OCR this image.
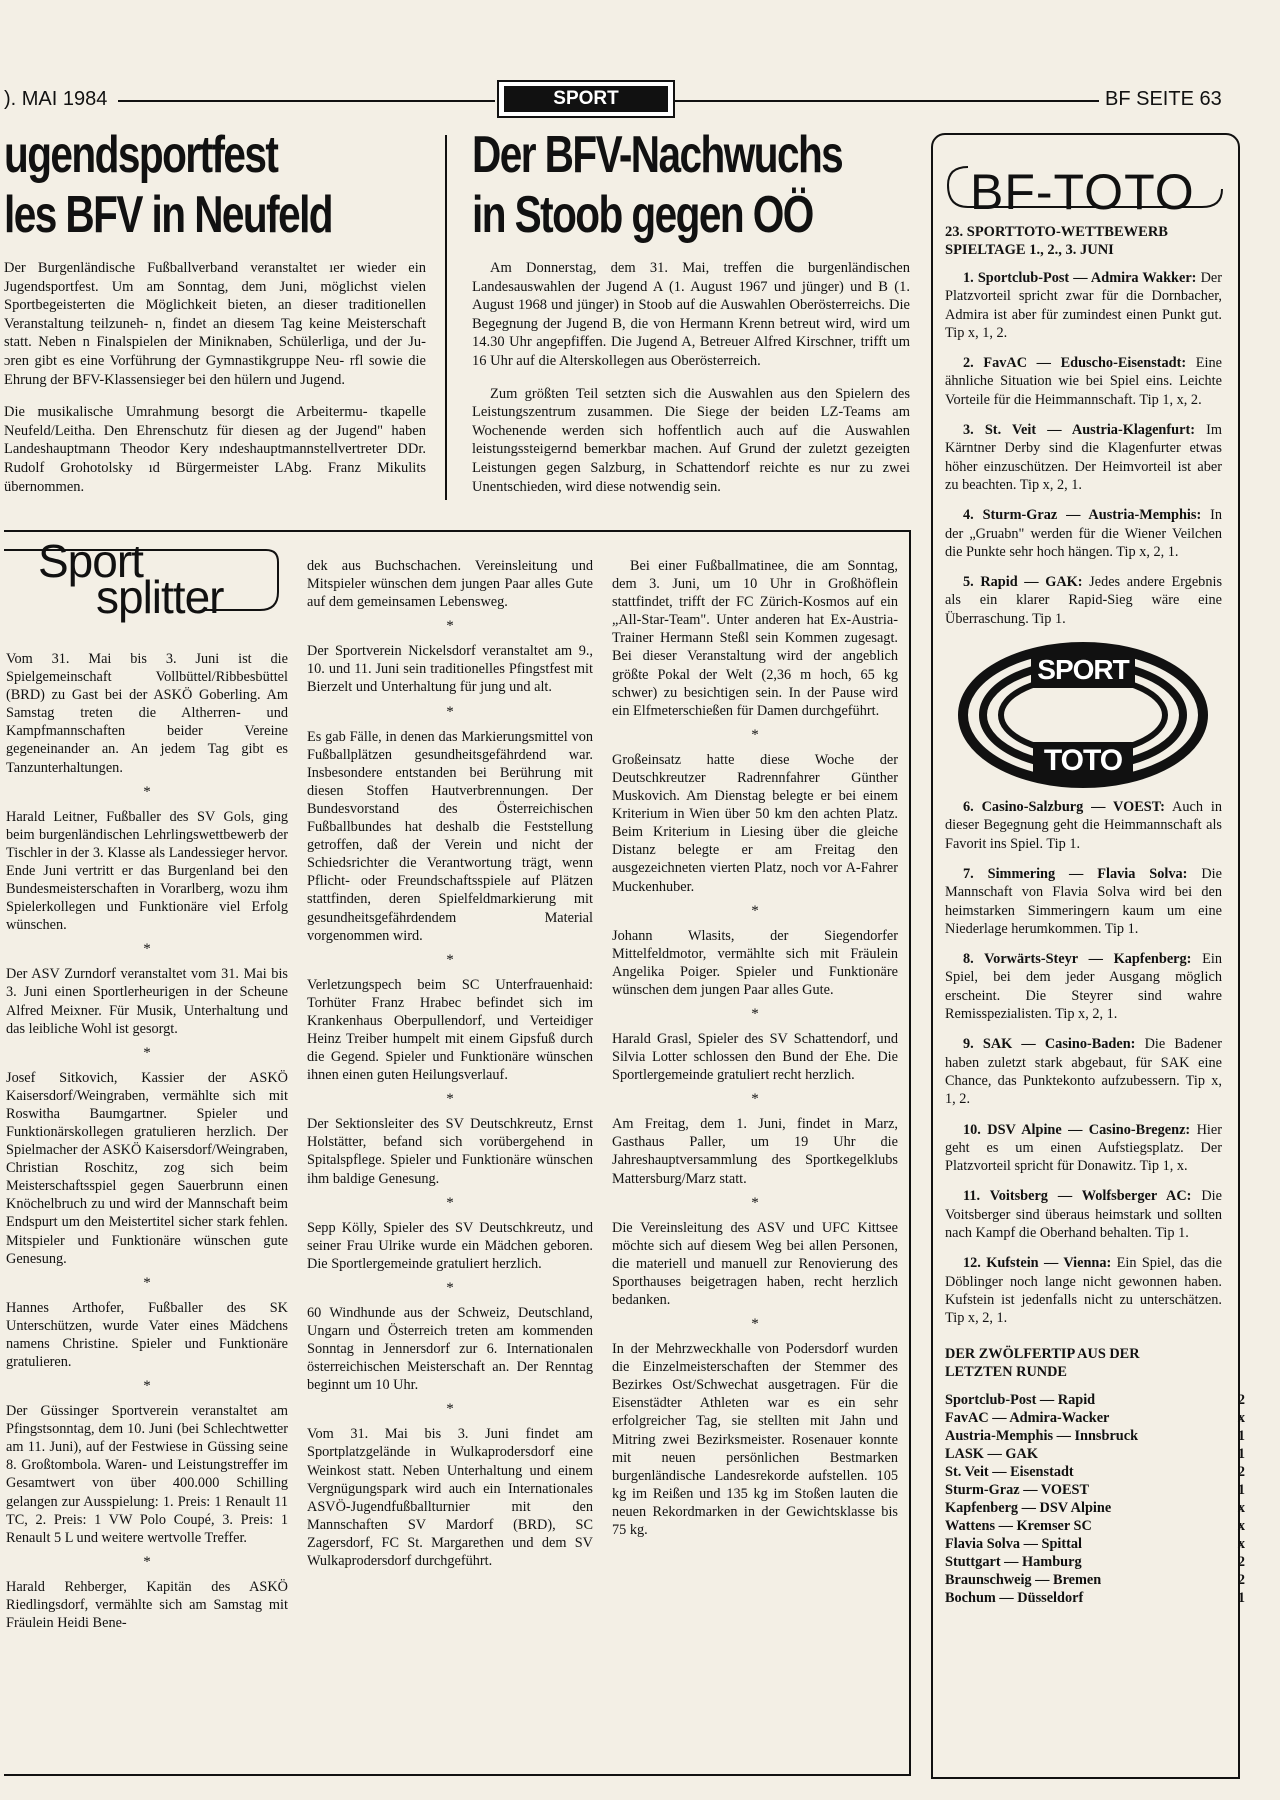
). MAI 1984	SPORT	BF SEITE 63
ugendsportfest
les BFV in Neufeld

Der Burgenländische Fußballverband veranstaltet ıer wieder ein Jugendsportfest. Um am Sonntag, dem Juni, möglichst vielen Sportbegeisterten die Möglichkeit bieten, an dieser traditionellen Veranstaltung teilzuneh- n, findet an diesem Tag keine Meisterschaft statt. Neben n Finalspielen der Miniknaben, Schülerliga, und der Ju- ɔren gibt es eine Vorführung der Gymnastikgruppe Neu- rfl sowie die Ehrung der BFV-Klassensieger bei den hülern und Jugend.

Die musikalische Umrahmung besorgt die Arbeitermu- tkapelle Neufeld/Leitha. Den Ehrenschutz für diesen ag der Jugend" haben Landeshauptmann Theodor Kery ındeshauptmannstellvertreter DDr. Rudolf Grohotolsky ıd Bürgermeister LAbg. Franz Mikulits übernommen.

Der BFV-Nachwuchs
in Stoob gegen OÖ

Am Donnerstag, dem 31. Mai, treffen die burgenländischen Landesauswahlen der Jugend A (1. August 1967 und jünger) und B (1. August 1968 und jünger) in Stoob auf die Auswahlen Oberösterreichs. Die Begegnung der Jugend B, die von Hermann Krenn betreut wird, wird um 14.30 Uhr angepfiffen. Die Jugend A, Betreuer Alfred Kirschner, trifft um 16 Uhr auf die Alterskollegen aus Oberösterreich.

Zum größten Teil setzten sich die Auswahlen aus den Spielern des Leistungszentrum zusammen. Die Siege der beiden LZ-Teams am Wochenende werden sich hoffentlich auch auf die Auswahlen leistungssteigernd bemerkbar machen. Auf Grund der zuletzt gezeigten Leistungen gegen Salzburg, in Schattendorf reichte es nur zu zwei Unentschieden, wird diese notwendig sein.

Sport
splitter

Vom 31. Mai bis 3. Juni ist die Spielgemeinschaft Vollbüttel/Ribbesbüttel (BRD) zu Gast bei der ASKÖ Goberling. Am Samstag treten die Altherren- und Kampfmannschaften beider Vereine gegeneinander an. An jedem Tag gibt es Tanzunterhaltungen.

*

Harald Leitner, Fußballer des SV Gols, ging beim burgenländischen Lehrlingswettbewerb der Tischler in der 3. Klasse als Landessieger hervor. Ende Juni vertritt er das Burgenland bei den Bundesmeisterschaften in Vorarlberg, wozu ihm Spielerkollegen und Funktionäre viel Erfolg wünschen.

*

Der ASV Zurndorf veranstaltet vom 31. Mai bis 3. Juni einen Sportlerheurigen in der Scheune Alfred Meixner. Für Musik, Unterhaltung und das leibliche Wohl ist gesorgt.

*

Josef Sitkovich, Kassier der ASKÖ Kaisersdorf/Weingraben, vermählte sich mit Roswitha Baumgartner. Spieler und Funktionärskollegen gratulieren herzlich. Der Spielmacher der ASKÖ Kaisersdorf/Weingraben, Christian Roschitz, zog sich beim Meisterschaftsspiel gegen Sauerbrunn einen Knöchelbruch zu und wird der Mannschaft beim Endspurt um den Meistertitel sicher stark fehlen. Mitspieler und Funktionäre wünschen gute Genesung.

*

Hannes Arthofer, Fußballer des SK Unterschützen, wurde Vater eines Mädchens namens Christine. Spieler und Funktionäre gratulieren.

*

Der Güssinger Sportverein veranstaltet am Pfingstsonntag, dem 10. Juni (bei Schlechtwetter am 11. Juni), auf der Festwiese in Güssing seine 8. Großtombola. Waren- und Leistungstreffer im Gesamtwert von über 400.000 Schilling gelangen zur Ausspielung: 1. Preis: 1 Renault 11 TC, 2. Preis: 1 VW Polo Coupé, 3. Preis: 1 Renault 5 L und weitere wertvolle Treffer.

*

Harald Rehberger, Kapitän des ASKÖ Riedlingsdorf, vermählte sich am Samstag mit Fräulein Heidi Bene-

dek aus Buchschachen. Vereinsleitung und Mitspieler wünschen dem jungen Paar alles Gute auf dem gemeinsamen Lebensweg.

*

Der Sportverein Nickelsdorf veranstaltet am 9., 10. und 11. Juni sein traditionelles Pfingstfest mit Bierzelt und Unterhaltung für jung und alt.

*

Es gab Fälle, in denen das Markierungsmittel von Fußballplätzen gesundheitsgefährdend war. Insbesondere entstanden bei Berührung mit diesen Stoffen Hautverbrennungen. Der Bundesvorstand des Österreichischen Fußballbundes hat deshalb die Feststellung getroffen, daß der Verein und nicht der Schiedsrichter die Verantwortung trägt, wenn Pflicht- oder Freundschaftsspiele auf Plätzen stattfinden, deren Spielfeldmarkierung mit gesundheitsgefährdendem Material vorgenommen wird.

*

Verletzungspech beim SC Unterfrauenhaid: Torhüter Franz Hrabec befindet sich im Krankenhaus Oberpullendorf, und Verteidiger Heinz Treiber humpelt mit einem Gipsfuß durch die Gegend. Spieler und Funktionäre wünschen ihnen einen guten Heilungsverlauf.

*

Der Sektionsleiter des SV Deutschkreutz, Ernst Holstätter, befand sich vorübergehend in Spitalspflege. Spieler und Funktionäre wünschen ihm baldige Genesung.

*

Sepp Kölly, Spieler des SV Deutschkreutz, und seiner Frau Ulrike wurde ein Mädchen geboren. Die Sportlergemeinde gratuliert herzlich.

*

60 Windhunde aus der Schweiz, Deutschland, Ungarn und Österreich treten am kommenden Sonntag in Jennersdorf zur 6. Internationalen österreichischen Meisterschaft an. Der Renntag beginnt um 10 Uhr.

*

Vom 31. Mai bis 3. Juni findet am Sportplatzgelände in Wulkaprodersdorf eine Weinkost statt. Neben Unterhaltung und einem Vergnügungspark wird auch ein Internationales ASVÖ-Jugendfußballturnier mit den Mannschaften SV Mardorf (BRD), SC Zagersdorf, FC St. Margarethen und dem SV Wulkaprodersdorf durchgeführt.

Bei einer Fußballmatinee, die am Sonntag, dem 3. Juni, um 10 Uhr in Großhöflein stattfindet, trifft der FC Zürich-Kosmos auf ein „All-Star-Team". Unter anderen hat Ex-Austria-Trainer Hermann Steßl sein Kommen zugesagt. Bei dieser Veranstaltung wird der angeblich größte Pokal der Welt (2,36 m hoch, 65 kg schwer) zu besichtigen sein. In der Pause wird ein Elfmeterschießen für Damen durchgeführt.

*

Großeinsatz hatte diese Woche der Deutschkreutzer Radrennfahrer Günther Muskovich. Am Dienstag belegte er bei einem Kriterium in Wien über 50 km den achten Platz. Beim Kriterium in Liesing über die gleiche Distanz belegte er am Freitag den ausgezeichneten vierten Platz, noch vor A-Fahrer Muckenhuber.

*

Johann Wlasits, der Siegendorfer Mittelfeldmotor, vermählte sich mit Fräulein Angelika Poiger. Spieler und Funktionäre wünschen dem jungen Paar alles Gute.

*

Harald Grasl, Spieler des SV Schattendorf, und Silvia Lotter schlossen den Bund der Ehe. Die Sportlergemeinde gratuliert recht herzlich.

*

Am Freitag, dem 1. Juni, findet in Marz, Gasthaus Paller, um 19 Uhr die Jahreshauptversammlung des Sportkegelklubs Mattersburg/Marz statt.

*

Die Vereinsleitung des ASV und UFC Kittsee möchte sich auf diesem Weg bei allen Personen, die materiell und manuell zur Renovierung des Sporthauses beigetragen haben, recht herzlich bedanken.

*

In der Mehrzweckhalle von Podersdorf wurden die Einzelmeisterschaften der Stemmer des Bezirkes Ost/Schwechat ausgetragen. Für die Eisenstädter Athleten war es ein sehr erfolgreicher Tag, sie stellten mit Jahn und Mitring zwei Bezirksmeister. Rosenauer konnte mit neuen persönlichen Bestmarken burgenländische Landesrekorde aufstellen. 105 kg im Reißen und 135 kg im Stoßen lauten die neuen Rekordmarken in der Gewichtsklasse bis 75 kg.

BF-TOTO
23. SPORTTOTO-WETTBEWERB
SPIELTAGE 1., 2., 3. JUNI

1. Sportclub-Post — Admira Wakker: Der Platzvorteil spricht zwar für die Dornbacher, Admira ist aber für zumindest einen Punkt gut. Tip x, 1, 2.

2. FavAC — Eduscho-Eisenstadt: Eine ähnliche Situation wie bei Spiel eins. Leichte Vorteile für die Heimmannschaft. Tip 1, x, 2.

3. St. Veit — Austria-Klagenfurt: Im Kärntner Derby sind die Klagenfurter etwas höher einzuschützen. Der Heimvorteil ist aber zu beachten. Tip x, 2, 1.

4. Sturm-Graz — Austria-Memphis: In der „Gruabn" werden für die Wiener Veilchen die Punkte sehr hoch hängen. Tip x, 2, 1.

5. Rapid — GAK: Jedes andere Ergebnis als ein klarer Rapid-Sieg wäre eine Überraschung. Tip 1.

SPORT
TOTO

6. Casino-Salzburg — VOEST: Auch in dieser Begegnung geht die Heimmannschaft als Favorit ins Spiel. Tip 1.

7. Simmering — Flavia Solva: Die Mannschaft von Flavia Solva wird bei den heimstarken Simmeringern kaum um eine Niederlage herumkommen. Tip 1.

8. Vorwärts-Steyr — Kapfenberg: Ein Spiel, bei dem jeder Ausgang möglich erscheint. Die Steyrer sind wahre Remisspezialisten. Tip x, 2, 1.

9. SAK — Casino-Baden: Die Badener haben zuletzt stark abgebaut, für SAK eine Chance, das Punktekonto aufzubessern. Tip x, 1, 2.

10. DSV Alpine — Casino-Bregenz: Hier geht es um einen Aufstiegsplatz. Der Platzvorteil spricht für Donawitz. Tip 1, x.

11. Voitsberg — Wolfsberger AC: Die Voitsberger sind überaus heimstark und sollten nach Kampf die Oberhand behalten. Tip 1.

12. Kufstein — Vienna: Ein Spiel, das die Döblinger noch lange nicht gewonnen haben. Kufstein ist jedenfalls nicht zu unterschätzen. Tip x, 2, 1.

DER ZWÖLFERTIP AUS DER
LETZTEN RUNDE
Sportclub-Post — Rapid	2
FavAC — Admira-Wacker	x
Austria-Memphis — Innsbruck	1
LASK — GAK	1
St. Veit — Eisenstadt	2
Sturm-Graz — VOEST	1
Kapfenberg — DSV Alpine	x
Wattens — Kremser SC	x
Flavia Solva — Spittal	x
Stuttgart — Hamburg	2
Braunschweig — Bremen	2
Bochum — Düsseldorf	1
